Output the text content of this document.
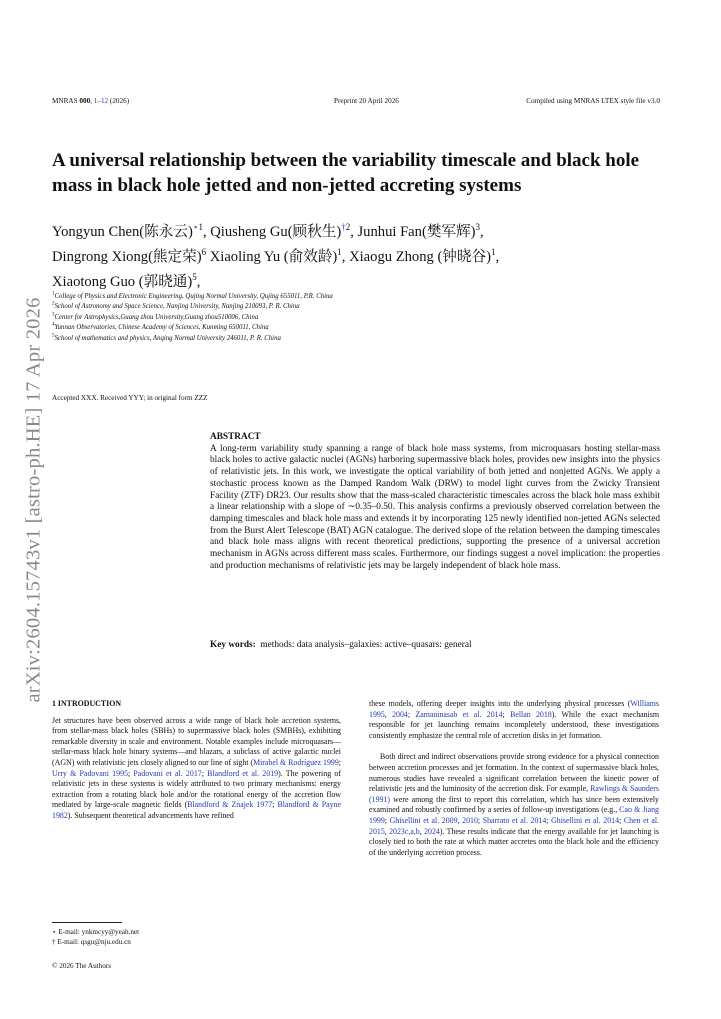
MNRAS 000, 1–12 (2026)	Preprint 20 April 2026	Compiled using MNRAS LTEX style file v3.0
arXiv:2604.15743v1 [astro-ph.HE] 17 Apr 2026
A universal relationship between the variability timescale and black hole mass in black hole jetted and non-jetted accreting systems
Yongyun Chen(陈永云)$^{⋆1}$, Qiusheng Gu(顾秋生)$^{\dagger 2}$, Junhui Fan(樊军辉)$^3$,
Dingrong Xiong(熊定荣)$^6$ Xiaoling Yu (俞效龄)$^1$, Xiaogu Zhong (钟晓谷)$^1$,
Xiaotong Guo (郭晓通)$^5$,
$^1$College of Physics and Electronic Engineering, Qujing Normal University, Qujing 655011, P.R. China
$^2$School of Astronomy and Space Science, Nanjing University, Nanjing 210093, P. R. China
$^3$Center for Astrophysics,Guang zhou University,Guang zhou510006, China
$^4$Yunnan Observatories, Chinese Academy of Sciences, Kunming 650011, China
$^5$School of mathematics and physics, Anqing Normal University 246011, P. R. China
Accepted XXX. Received YYY; in original form ZZZ
ABSTRACT
A long-term variability study spanning a range of black hole mass systems, from microquasars hosting stellar-mass black holes to active galactic nuclei (AGNs) harboring supermassive black holes, provides new insights into the physics of relativistic jets. In this work, we investigate the optical variability of both jetted and nonjetted AGNs. We apply a stochastic process known as the Damped Random Walk (DRW) to model light curves from the Zwicky Transient Facility (ZTF) DR23. Our results show that the mass-scaled characteristic timescales across the black hole mass exhibit a linear relationship with a slope of ∼0.35–0.50. This analysis confirms a previously observed correlation between the damping timescales and black hole mass and extends it by incorporating 125 newly identified non-jetted AGNs selected from the Burst Alert Telescope (BAT) AGN catalogue. The derived slope of the relation between the damping timescales and black hole mass aligns with recent theoretical predictions, supporting the presence of a universal accretion mechanism in AGNs across different mass scales. Furthermore, our findings suggest a novel implication: the properties and production mechanisms of relativistic jets may be largely independent of black hole mass.
Key words: methods: data analysis–galaxies: active–quasars: general
1 INTRODUCTION

Jet structures have been observed across a wide range of black hole accretion systems, from stellar-mass black holes (SBHs) to supermassive black holes (SMBHs), exhibiting remarkable diversity in scale and environment. Notable examples include microquasars—stellar-mass black hole binary systems—and blazars, a subclass of active galactic nuclei (AGN) with relativistic jets closely aligned to our line of sight (Mirabel & Rodríguez 1999; Urry & Padovani 1995; Padovani et al. 2017; Blandford et al. 2019). The powering of relativistic jets in these systems is widely attributed to two primary mechanisms: energy extraction from a rotating black hole and/or the rotational energy of the accretion flow mediated by large-scale magnetic fields (Blandford & Znajek 1977; Blandford & Payne 1982). Subsequent theoretical advancements have refined

these models, offering deeper insights into the underlying physical processes (Williams 1995, 2004; Zamaninasab et al. 2014; Bellan 2018). While the exact mechanism responsible for jet launching remains incompletely understood, these investigations consistently emphasize the central role of accretion disks in jet formation.

Both direct and indirect observations provide strong evidence for a physical connection between accretion processes and jet formation. In the context of supermassive black holes, numerous studies have revealed a significant correlation between the kinetic power of relativistic jets and the luminosity of the accretion disk. For example, Rawlings & Saunders (1991) were among the first to report this correlation, which has since been extensively examined and robustly confirmed by a series of follow-up investigations (e.g., Cao & Jiang 1999; Ghisellini et al. 2009, 2010; Sbarrato et al. 2014; Ghisellini et al. 2014; Chen et al. 2015, 2023c,a,b, 2024). These results indicate that the energy available for jet launching is closely tied to both the rate at which matter accretes onto the black hole and the efficiency of the underlying accretion process.

⋆ E-mail: ynkmcyy@yeah.net
† E-mail: qsgu@nju.edu.cn
© 2026 The Authors
